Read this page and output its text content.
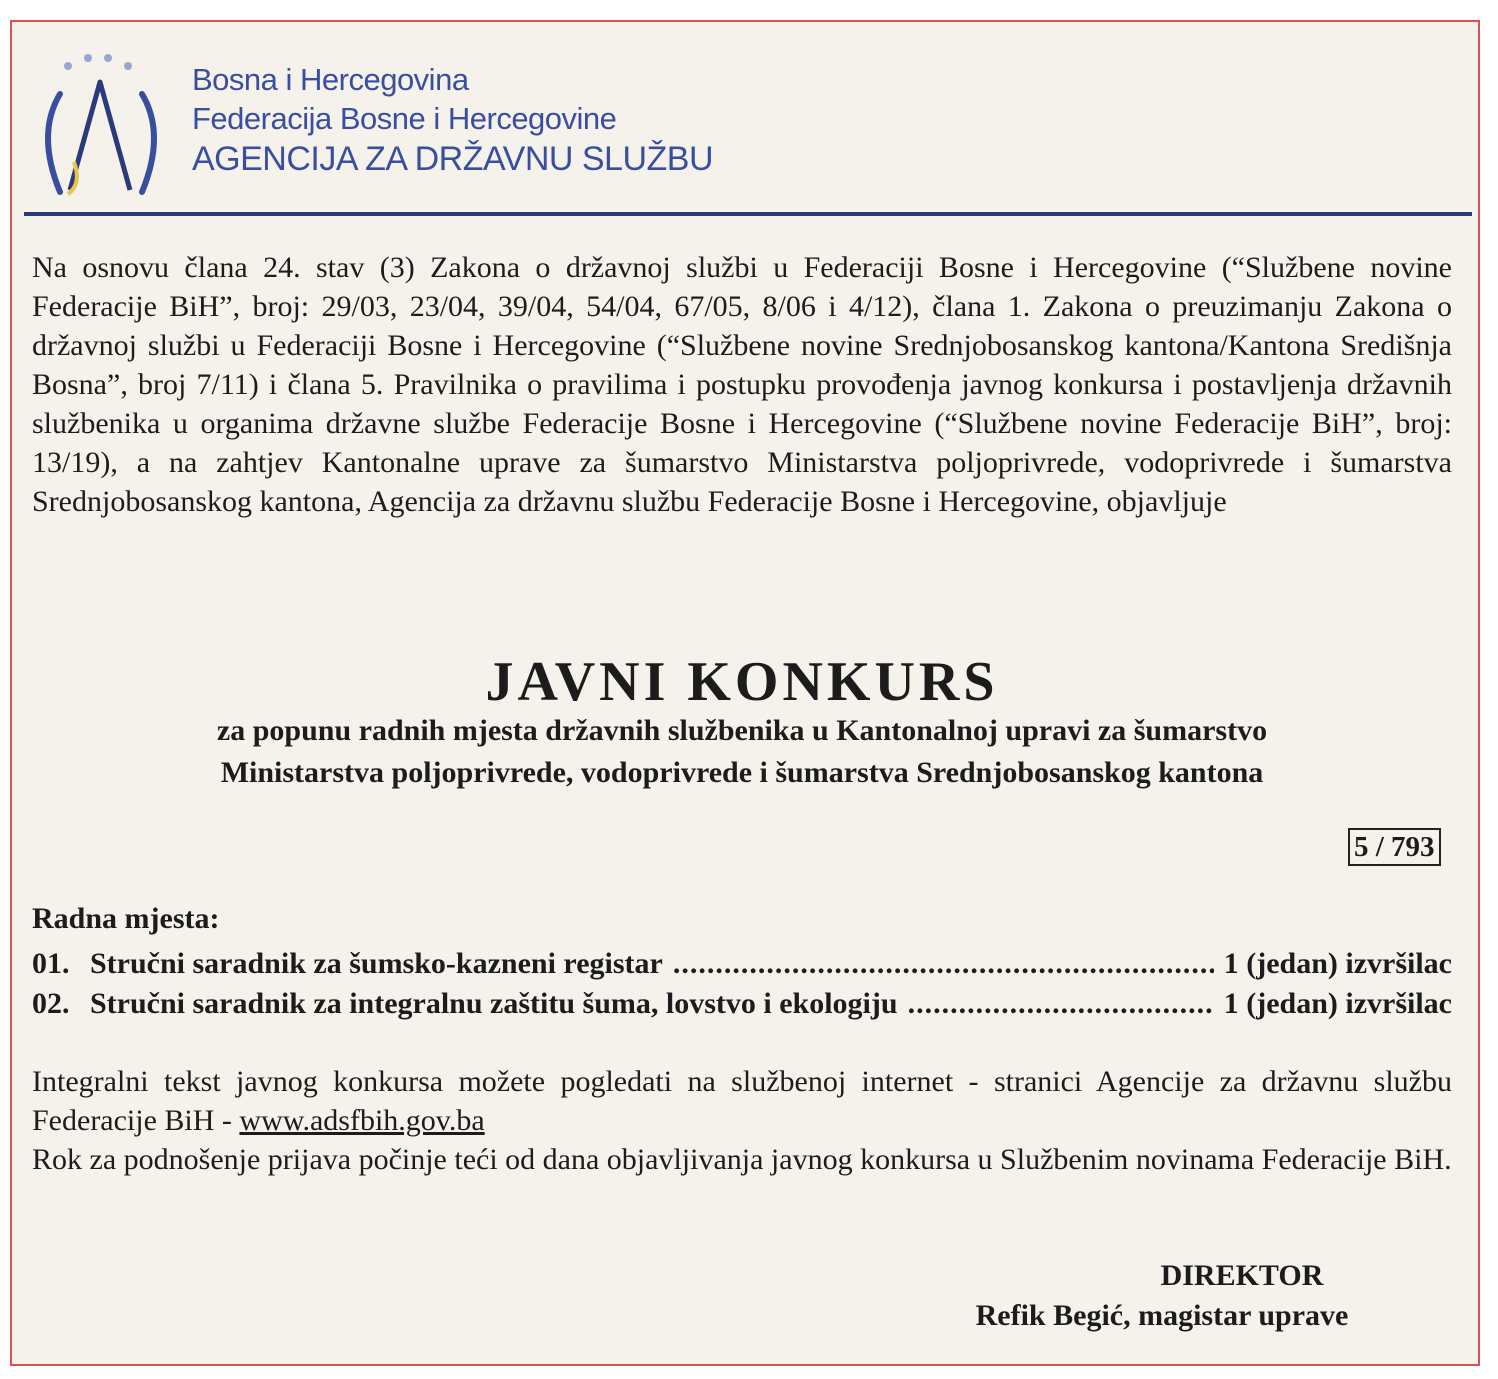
Bosna i Hercegovina
Federacija Bosne i Hercegovine
AGENCIJA ZA DRŽAVNU SLUŽBU
Na osnovu člana 24. stav (3) Zakona o državnoj službi u Federaciji Bosne i Hercegovine (“Službene novine Federacije BiH”, broj: 29/03, 23/04, 39/04, 54/04, 67/05, 8/06 i 4/12), člana 1. Zakona o preuzimanju Zakona o državnoj službi u Federaciji Bosne i Hercegovine (“Službene novine Srednjobosanskog kantona/Kantona Središnja Bosna”, broj 7/11) i člana 5. Pravilnika o pravilima i postupku provođenja javnog konkursa i postavljenja državnih službenika u organima državne službe Federacije Bosne i Hercegovine (“Službene novine Federacije BiH”, broj: 13/19), a na zahtjev Kantonalne uprave za šumarstvo Ministarstva poljoprivrede, vodoprivrede i šumarstva Srednjobosanskog kantona, Agencija za državnu službu Federacije Bosne i Hercegovine, objavljuje
JAVNI KONKURS
za popunu radnih mjesta državnih službenika u Kantonalnoj upravi za šumarstvo
Ministarstva poljoprivrede, vodoprivrede i šumarstva Srednjobosanskog kantona
5 / 793
Radna mjesta:
01. Stručni saradnik za šumsko-kazneni registar .....	1 (jedan) izvršilac
02. Stručni saradnik za integralnu zaštitu šuma, lovstvo i ekologiju .....	1 (jedan) izvršilac

Integralni tekst javnog konkursa možete pogledati na službenoj internet - stranici Agencije za državnu službu Federacije BiH - www.adsfbih.gov.ba

Rok za podnošenje prijava počinje teći od dana objavljivanja javnog konkursa u Službenim novinama Federacije BiH.

DIREKTOR
Refik Begić, magistar uprave
